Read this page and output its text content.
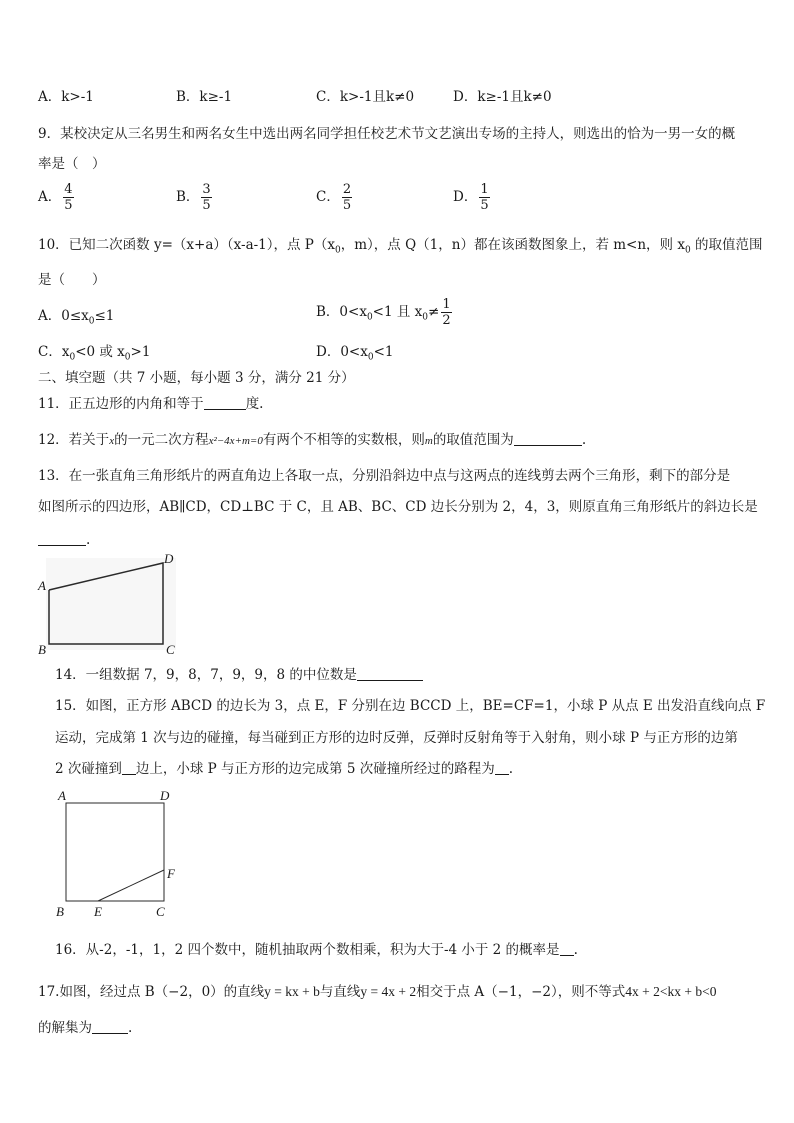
A．k>-1	B．k≥-1	C．k>-1且k≠0	D．k≥-1且k≠0
9．某校决定从三名男生和两名女生中选出两名同学担任校艺术节文艺演出专场的主持人，则选出的恰为一男一女的概
率是（　）
A． $\frac{4}{5}$	B． $\frac{3}{5}$	C． $\frac{2}{5}$	D． $\frac{1}{5}$
10．已知二次函数 y=（x+a）（x-a-1），点 $P(x_0$，m），点 Q（1，n）都在该函数图象上，若 m<n，则 $x_0$ 的取值范围
是（　　）
A．$0\le x_0\le 1$	B．$0<x_0<1$ 且 $x_0\ne \frac{1}{2}$
C．$x_0<0$ 或 $x_0>1$	D．$0<x_0<1$
二、填空题（共 7 小题，每小题 3 分，满分 21 分）
11．正五边形的内角和等于	度.
12．若关于x的一元二次方程x²−4x+m=0有两个不相等的实数根，则m的取值范围为	.
13．在一张直角三角形纸片的两直角边上各取一点，分别沿斜边中点与这两点的连线剪去两个三角形，剩下的部分是
如图所示的四边形，AB∥CD，CD⊥BC 于 C，且 AB、BC、CD 边长分别为 2，4，3，则原直角三角形纸片的斜边长是
.
A
B	C
D
14．一组数据 7，9，8，7，9，9，8 的中位数是
15．如图，正方形 ABCD 的边长为 3，点 E，F 分别在边 BCCD 上，BE=CF=1，小球 P 从点 E 出发沿直线向点 F
运动，完成第 1 次与边的碰撞，每当碰到正方形的边时反弹，反弹时反射角等于入射角，则小球 P 与正方形的边第
2 次碰撞到 边上，小球 P 与正方形的边完成第 5 次碰撞所经过的路程为 .
A	D
B E	C
F
16．从-2，-1，1，2 四个数中，随机抽取两个数相乘，积为大于-4 小于 2 的概率是 .
17.如图，经过点 B（−2，0）的直线y = kx + b与直线y = 4x + 2相交于点 A（−1，−2），则不等式4x + 2<kx + b<0
的解集为	.
